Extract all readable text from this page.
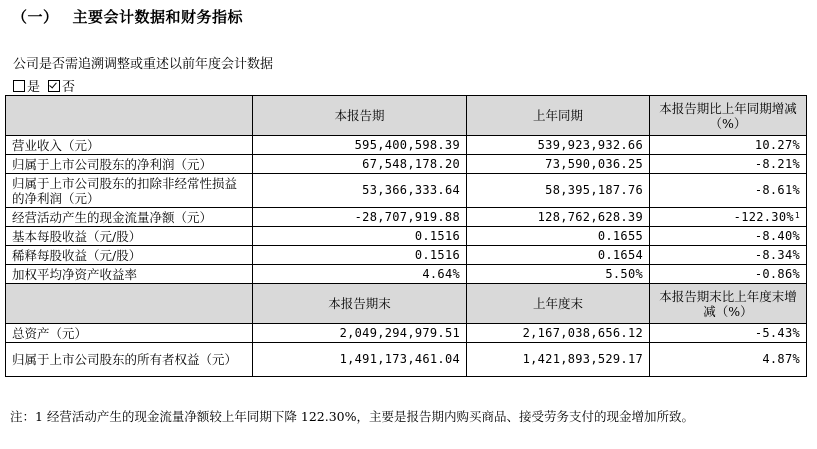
（一） 主要会计数据和财务指标
公司是否需追溯调整或重述以前年度会计数据
是 否
	本报告期	上年同期	本报告期比上年同期增减（%）
营业收入（元）	595,400,598.39	539,923,932.66	10.27%
归属于上市公司股东的净利润（元）	67,548,178.20	73,590,036.25	-8.21%
归属于上市公司股东的扣除非经常性损益的净利润（元）	53,366,333.64	58,395,187.76	-8.61%
经营活动产生的现金流量净额（元）	-28,707,919.88	128,762,628.39	-122.30%$^1$
基本每股收益（元/股）	0.1516	0.1655	-8.40%
稀释每股收益（元/股）	0.1516	0.1654	-8.34%
加权平均净资产收益率	4.64%	5.50%	-0.86%
	本报告期末	上年度末	本报告期末比上年度末增减（%）
总资产（元）	2,049,294,979.51	2,167,038,656.12	-5.43%
归属于上市公司股东的所有者权益（元）	1,491,173,461.04	1,421,893,529.17	4.87%
注：1 经营活动产生的现金流量净额较上年同期下降 122.30%，主要是报告期内购买商品、接受劳务支付的现金增加所致。
